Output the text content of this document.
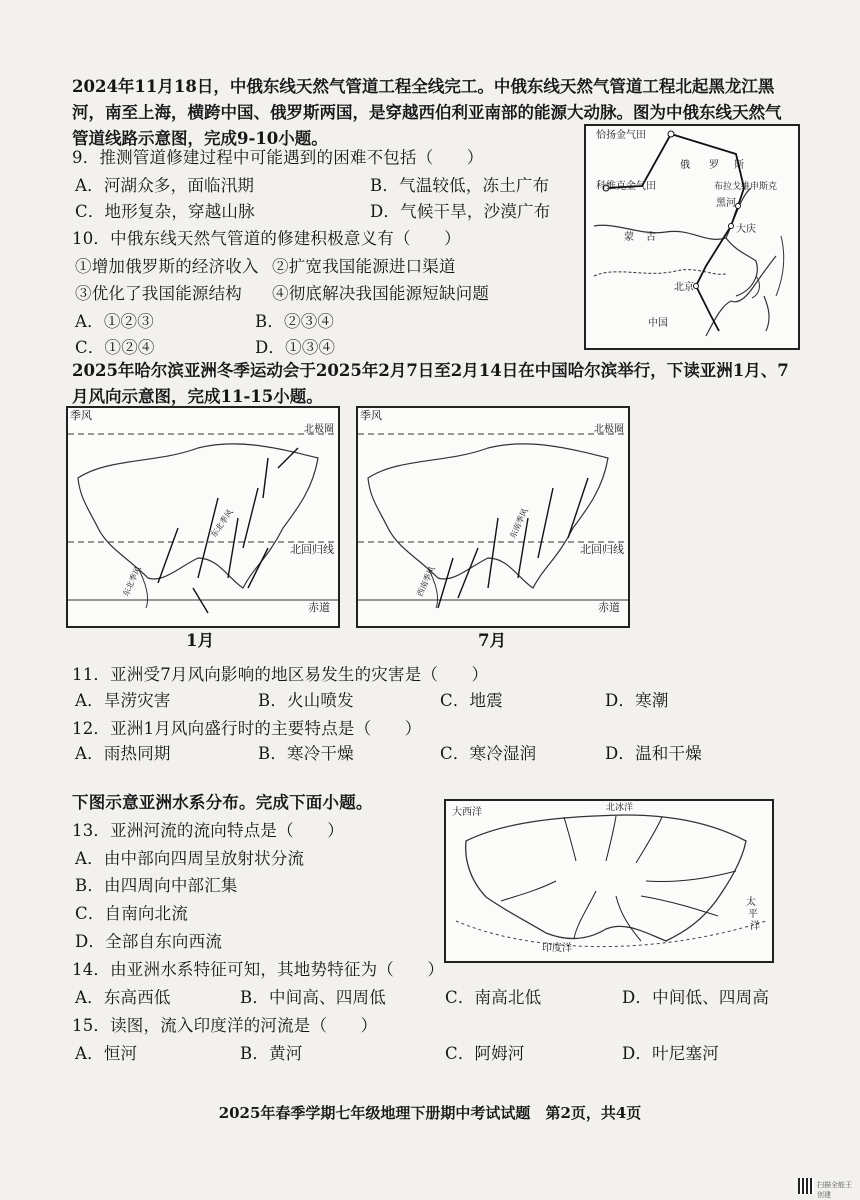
2024年11月18日，中俄东线天然气管道工程全线完工。中俄东线天然气管道工程北起黑龙江黑河，南至上海，横跨中国、俄罗斯两国，是穿越西伯利亚南部的能源大动脉。图为中俄东线天然气管道线路示意图，完成9-10小题。
9．推测管道修建过程中可能遇到的困难不包括（　　）
A．河湖众多，面临汛期	B．气温较低，冻土广布
C．地形复杂，穿越山脉	D．气候干旱，沙漠广布
10．中俄东线天然气管道的修建积极意义有（　　）
①增加俄罗斯的经济收入 ②扩宽我国能源进口渠道
③优化了我国能源结构 ④彻底解决我国能源短缺问题
A．①②③	B．②③④
C．①②④	D．①③④
恰扬金气田
俄 罗 斯
科维克金气田	布拉戈维申斯克
黑河
蒙 古
大庆
北京
中国
2025年哈尔滨亚洲冬季运动会于2025年2月7日至2月14日在中国哈尔滨举行，下读亚洲1月、7月风向示意图，完成11-15小题。
季风
北极圈
北回归线
赤道
东北季风
东北季风
1月
季风
北极圈
北回归线
赤道
东南季风
西南季风
7月
11．亚洲受7月风向影响的地区易发生的灾害是（　　）
A．旱涝灾害	B．火山喷发	C．地震	D．寒潮
12．亚洲1月风向盛行时的主要特点是（　　）
A．雨热同期	B．寒冷干燥	C．寒冷湿润	D．温和干燥
下图示意亚洲水系分布。完成下面小题。
大西洋	北冰洋
太
平
洋
印度洋
13．亚洲河流的流向特点是（　　）
A．由中部向四周呈放射状分流
B．由四周向中部汇集
C．自南向北流
D．全部自东向西流
14．由亚洲水系特征可知，其地势特征为（　　）
A．东高西低	B．中间高、四周低	C．南高北低	D．中间低、四周高
15．读图，流入印度洋的河流是（　　）
A．恒河	B．黄河	C．阿姆河	D．叶尼塞河
2025年春季学期七年级地理下册期中考试试题　第2页，共4页
扫描全能王 创建
